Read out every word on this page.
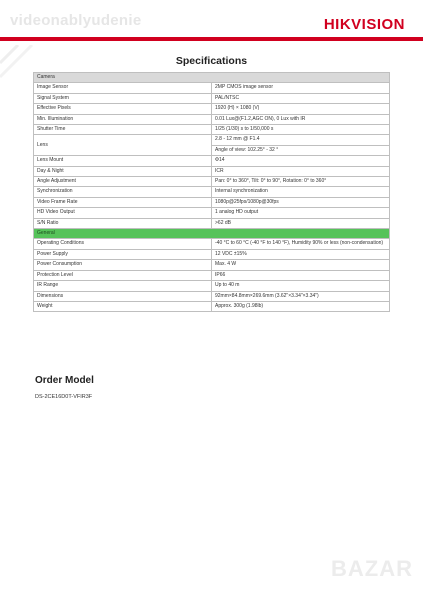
videonablyudenie	HIKVISION
Specifications
Camera	
Image Sensor	2MP CMOS image sensor
Signal System	PAL/NTSC
Effective Pixels	1920 (H) × 1080 (V)
Min. Illumination	0.01 Lux@(F1.2,AGC ON), 0 Lux with IR
Shutter Time	1/25 (1/30) s to 1/50,000 s
Lens	2.8 - 12 mm @ F1.4
Angle of view: 102.25° - 32 °

Lens Mount	Φ14
Day & Night	ICR
Angle Adjustment	Pan: 0° to 360°, Tilt: 0° to 90°, Rotation: 0° to 360°
Synchronization	Internal synchronization
Video Frame Rate	1080p@25fps/1080p@30fps
HD Video Output	1 analog HD output
S/N Ratio	>62 dB
General	
Operating Conditions	-40 °C to 60 °C (-40 °F to 140 °F), Humidity 90% or less (non-condensation)
Power Supply	12 VDC ±15%
Power Consumption	Max. 4 W
Protection Level	IP66
IR Range	Up to 40 m
Dimensions	92mm×84.8mm×269.6mm (3.62"×3.34"×3.34")
Weight	Approx. 300g (1.98lb)
Order Model
DS-2CE16D0T-VFIR3F
BAZAR
